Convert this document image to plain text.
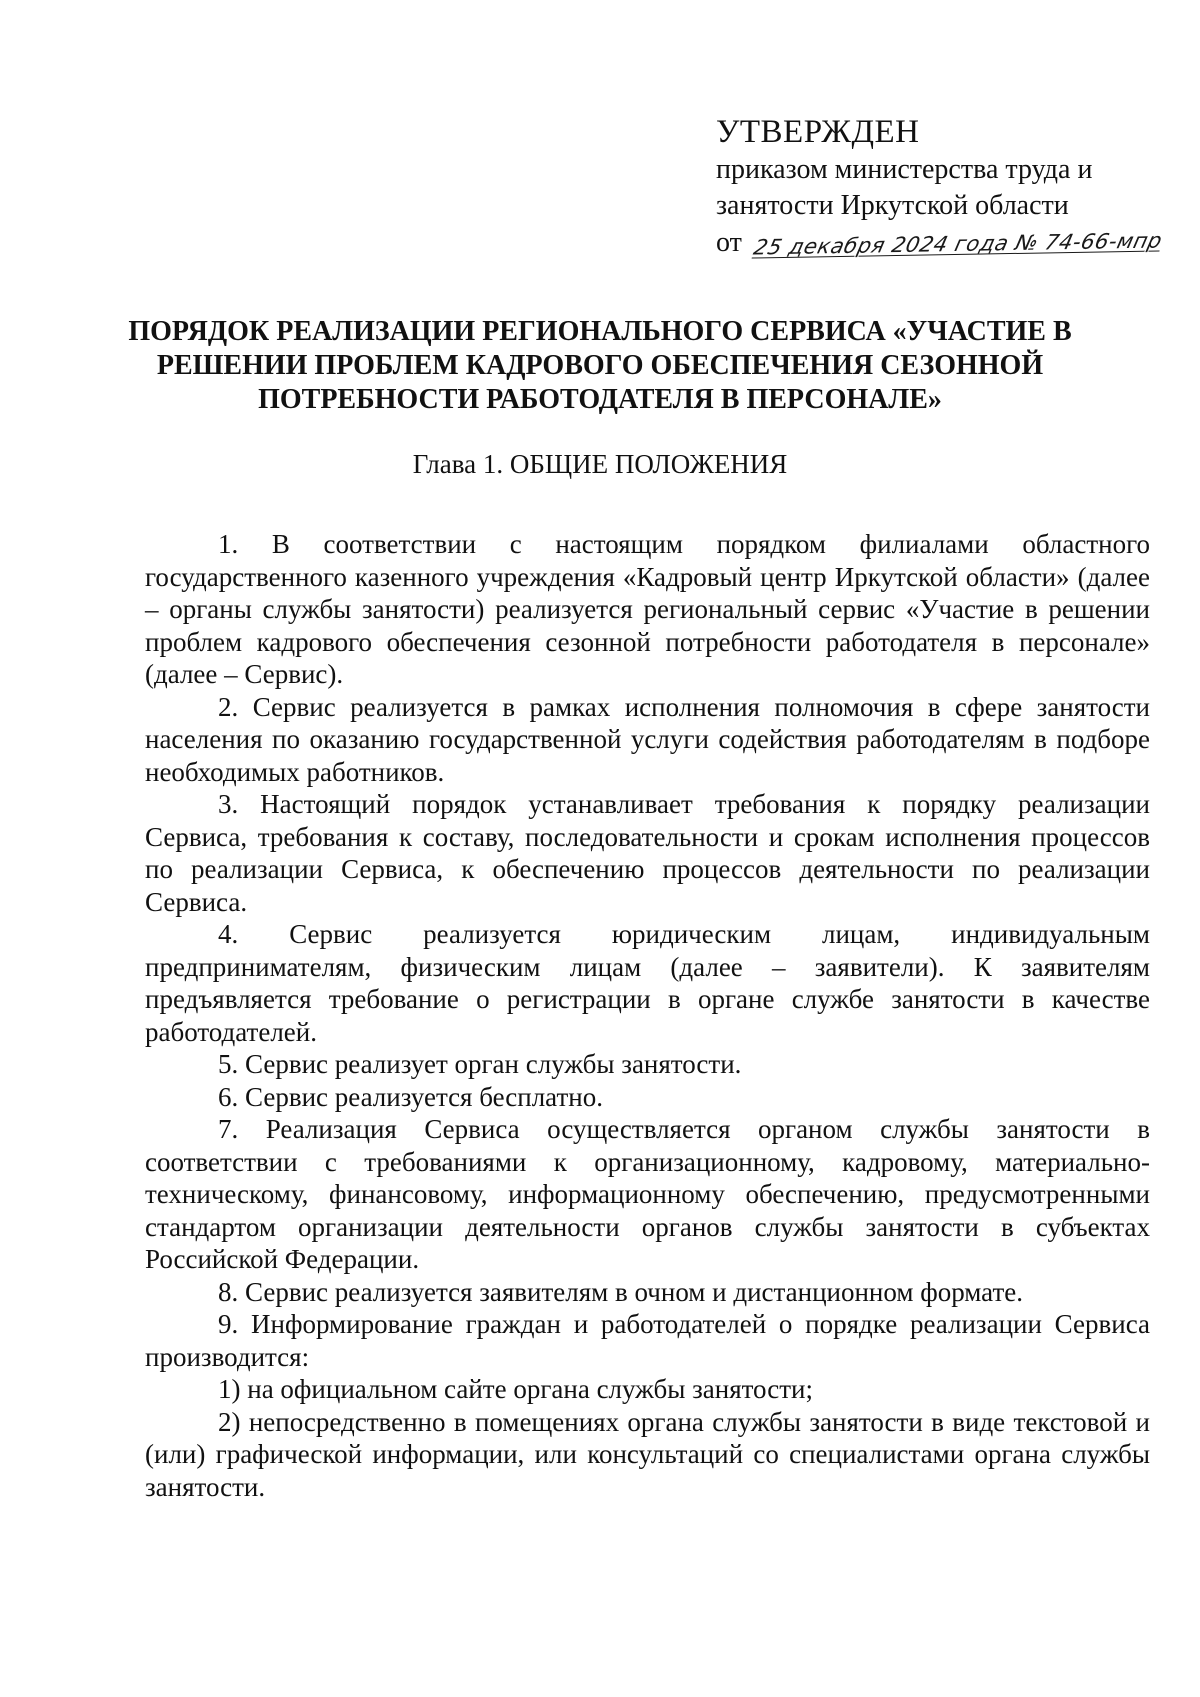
УТВЕРЖДЕН
приказом министерства труда и
занятости Иркутской области
от 25 декабря 2024 года № 74-66-мпр
ПОРЯДОК РЕАЛИЗАЦИИ РЕГИОНАЛЬНОГО СЕРВИСА «УЧАСТИЕ В
РЕШЕНИИ ПРОБЛЕМ КАДРОВОГО ОБЕСПЕЧЕНИЯ СЕЗОННОЙ
ПОТРЕБНОСТИ РАБОТОДАТЕЛЯ В ПЕРСОНАЛЕ»
Глава 1. ОБЩИЕ ПОЛОЖЕНИЯ

1. В соответствии с настоящим порядком филиалами областного государственного казенного учреждения «Кадровый центр Иркутской области» (далее – органы службы занятости) реализуется региональный сервис «Участие в решении проблем кадрового обеспечения сезонной потребности работодателя в персонале» (далее – Сервис).

2. Сервис реализуется в рамках исполнения полномочия в сфере занятости населения по оказанию государственной услуги содействия работодателям в подборе необходимых работников.

3. Настоящий порядок устанавливает требования к порядку реализации Сервиса, требования к составу, последовательности и срокам исполнения процессов по реализации Сервиса, к обеспечению процессов деятельности по реализации Сервиса.

4. Сервис реализуется юридическим лицам, индивидуальным предпринимателям, физическим лицам (далее – заявители). К заявителям предъявляется требование о регистрации в органе службе занятости в качестве работодателей.

5. Сервис реализует орган службы занятости.

6. Сервис реализуется бесплатно.

7. Реализация Сервиса осуществляется органом службы занятости в соответствии с требованиями к организационному, кадровому, материально-техническому, финансовому, информационному обеспечению, предусмотренными стандартом организации деятельности органов службы занятости в субъектах Российской Федерации.

8. Сервис реализуется заявителям в очном и дистанционном формате.

9. Информирование граждан и работодателей о порядке реализации Сервиса производится:

1) на официальном сайте органа службы занятости;

2) непосредственно в помещениях органа службы занятости в виде текстовой и (или) графической информации, или консультаций со специалистами органа службы занятости.
